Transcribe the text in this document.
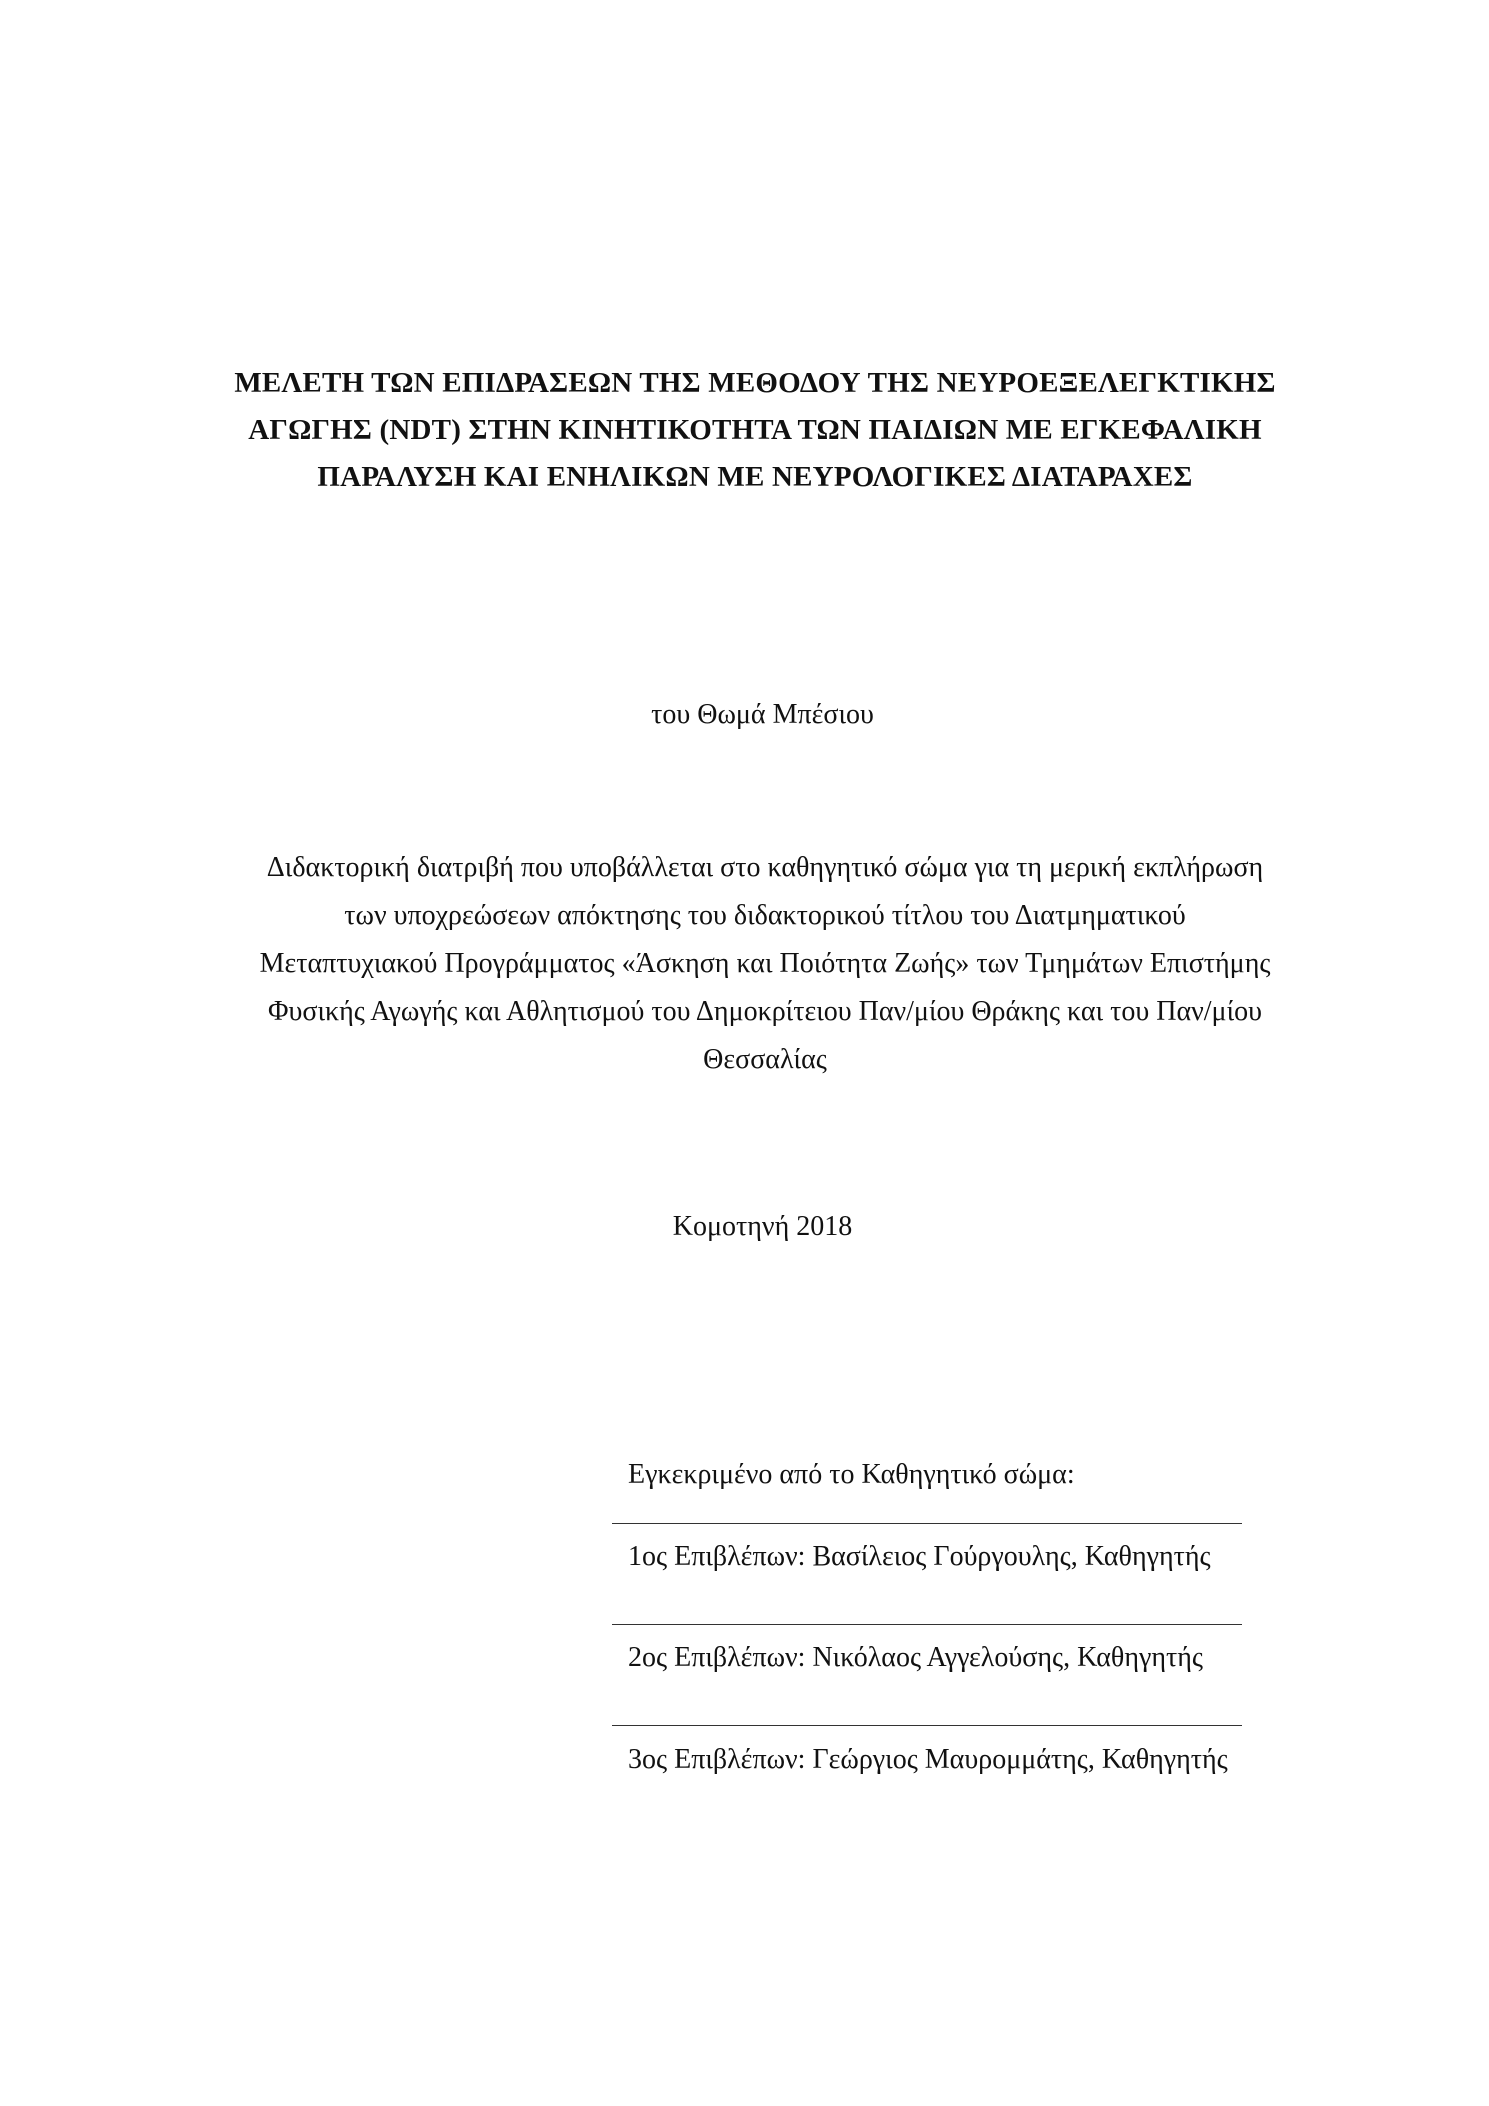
ΜΕΛΕΤΗ ΤΩΝ ΕΠΙΔΡΑΣΕΩΝ ΤΗΣ ΜΕΘΟΔΟΥ ΤΗΣ ΝΕΥΡΟΕΞΕΛΕΓΚΤΙΚΗΣ
ΑΓΩΓΗΣ (NDT) ΣΤΗΝ ΚΙΝΗΤΙΚΟΤΗΤΑ ΤΩΝ ΠΑΙΔΙΩΝ ΜΕ ΕΓΚΕΦΑΛΙΚΗ
ΠΑΡΑΛΥΣΗ ΚΑΙ ΕΝΗΛΙΚΩΝ ΜΕ ΝΕΥΡΟΛΟΓΙΚΕΣ ΔΙΑΤΑΡΑΧΕΣ
του Θωμά Μπέσιου
Διδακτορική διατριβή που υποβάλλεται στο καθηγητικό σώμα για τη μερική εκπλήρωση
των υποχρεώσεων απόκτησης του διδακτορικού τίτλου του Διατμηματικού
Μεταπτυχιακού Προγράμματος «Άσκηση και Ποιότητα Ζωής» των Τμημάτων Επιστήμης
Φυσικής Αγωγής και Αθλητισμού του Δημοκρίτειου Παν/μίου Θράκης και του Παν/μίου
Θεσσαλίας
Κομοτηνή 2018
Εγκεκριμένο από το Καθηγητικό σώμα:
1ος Επιβλέπων: Βασίλειος Γούργουλης, Καθηγητής
2ος Επιβλέπων: Νικόλαος Αγγελούσης, Καθηγητής
3ος Επιβλέπων: Γεώργιος Μαυρομμάτης, Καθηγητής
